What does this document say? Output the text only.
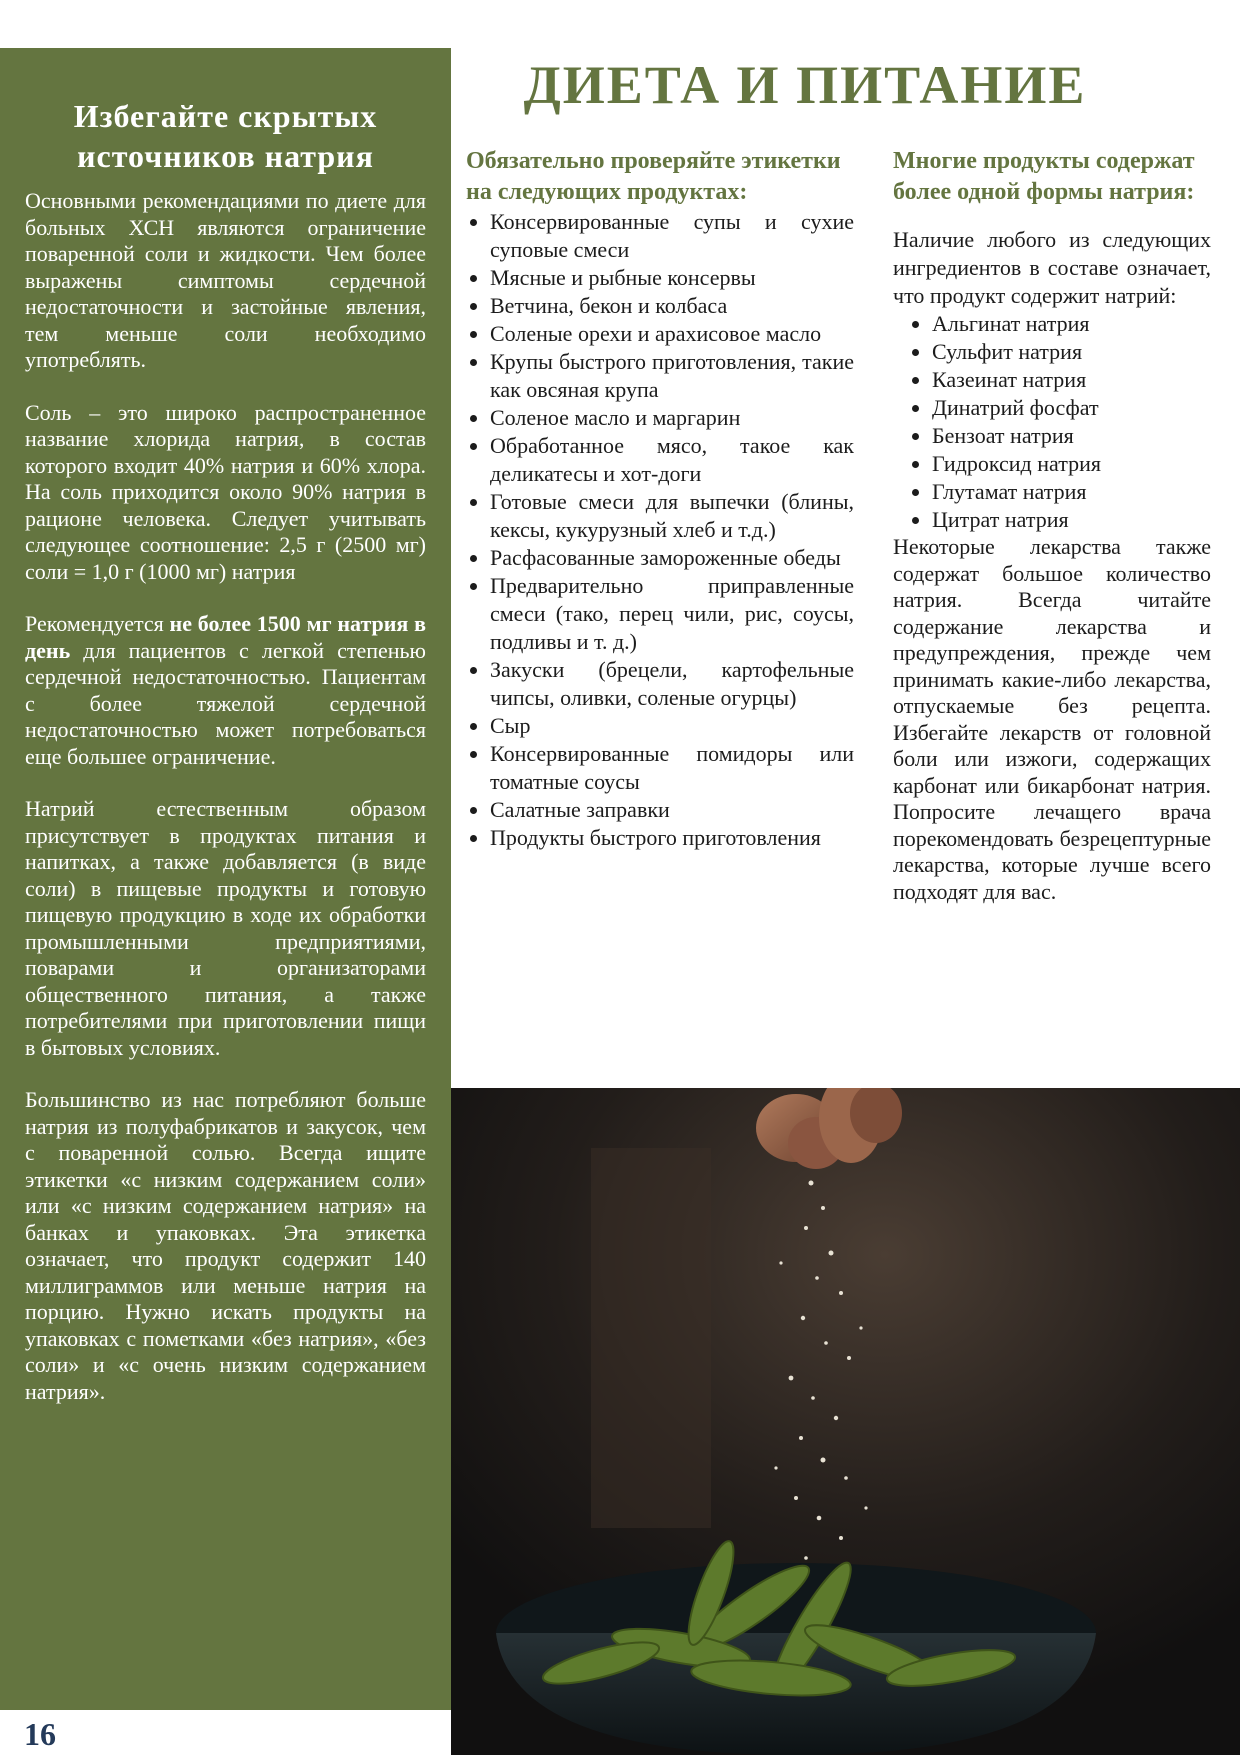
Избегайте скрытых источников натрия

Основными рекомендациями по диете для больных ХСН являются ограничение поваренной соли и жидкости. Чем более выражены симптомы сердечной недостаточности и застойные явления, тем меньше соли необходимо употреблять.

Соль – это широко распространенное название хлорида натрия, в состав которого входит 40% натрия и 60% хлора. На соль приходится около 90% натрия в рационе человека. Следует учитывать следующее соотношение: 2,5 г (2500 мг) соли = 1,0 г (1000 мг) натрия

Рекомендуется не более 1500 мг натрия в день для пациентов с легкой степенью сердечной недостаточностью. Пациентам с более тяжелой сердечной недостаточностью может потребоваться еще большее ограничение.

Натрий естественным образом присутствует в продуктах питания и напитках, а также добавляется (в виде соли) в пищевые продукты и готовую пищевую продукцию в ходе их обработки промышленными предприятиями, поварами и организаторами общественного питания, а также потребителями при приготовлении пищи в бытовых условиях.

Большинство из нас потребляют больше натрия из полуфабрикатов и закусок, чем с поваренной солью. Всегда ищите этикетки «с низким содержанием соли» или «с низким содержанием натрия» на банках и упаковках. Эта этикетка означает, что продукт содержит 140 миллиграммов или меньше натрия на порцию. Нужно искать продукты на упаковках с пометками «без натрия», «без соли» и «с очень низким содержанием натрия».

ДИЕТА И ПИТАНИЕ
Обязательно проверяйте этикетки на следующих продуктах:
• Консервированные супы и сухие суповые смеси
• Мясные и рыбные консервы
• Ветчина, бекон и колбаса
• Соленые орехи и арахисовое масло
• Крупы быстрого приготовления, такие как овсяная крупа
• Соленое масло и маргарин
• Обработанное мясо, такое как деликатесы и хот-доги
• Готовые смеси для выпечки (блины, кексы, кукурузный хлеб и т.д.)
• Расфасованные замороженные обеды
• Предварительно приправленные смеси (тако, перец чили, рис, соусы, подливы и т. д.)
• Закуски (брецели, картофельные чипсы, оливки, соленые огурцы)
• Сыр
• Консервированные помидоры или томатные соусы
• Салатные заправки
• Продукты быстрого приготовления
Многие продукты содержат более одной формы натрия:

Наличие любого из следующих ингредиентов в составе означает, что продукт содержит натрий:

• Альгинат натрия
• Сульфит натрия
• Казеинат натрия
• Динатрий фосфат
• Бензоат натрия
• Гидроксид натрия
• Глутамат натрия
• Цитрат натрия

Некоторые лекарства также содержат большое количество натрия. Всегда читайте содержание лекарства и предупреждения, прежде чем принимать какие-либо лекарства, отпускаемые без рецепта. Избегайте лекарств от головной боли или изжоги, содержащих карбонат или бикарбонат натрия. Попросите лечащего врача порекомендовать безрецептурные лекарства, которые лучше всего подходят для вас.

16
